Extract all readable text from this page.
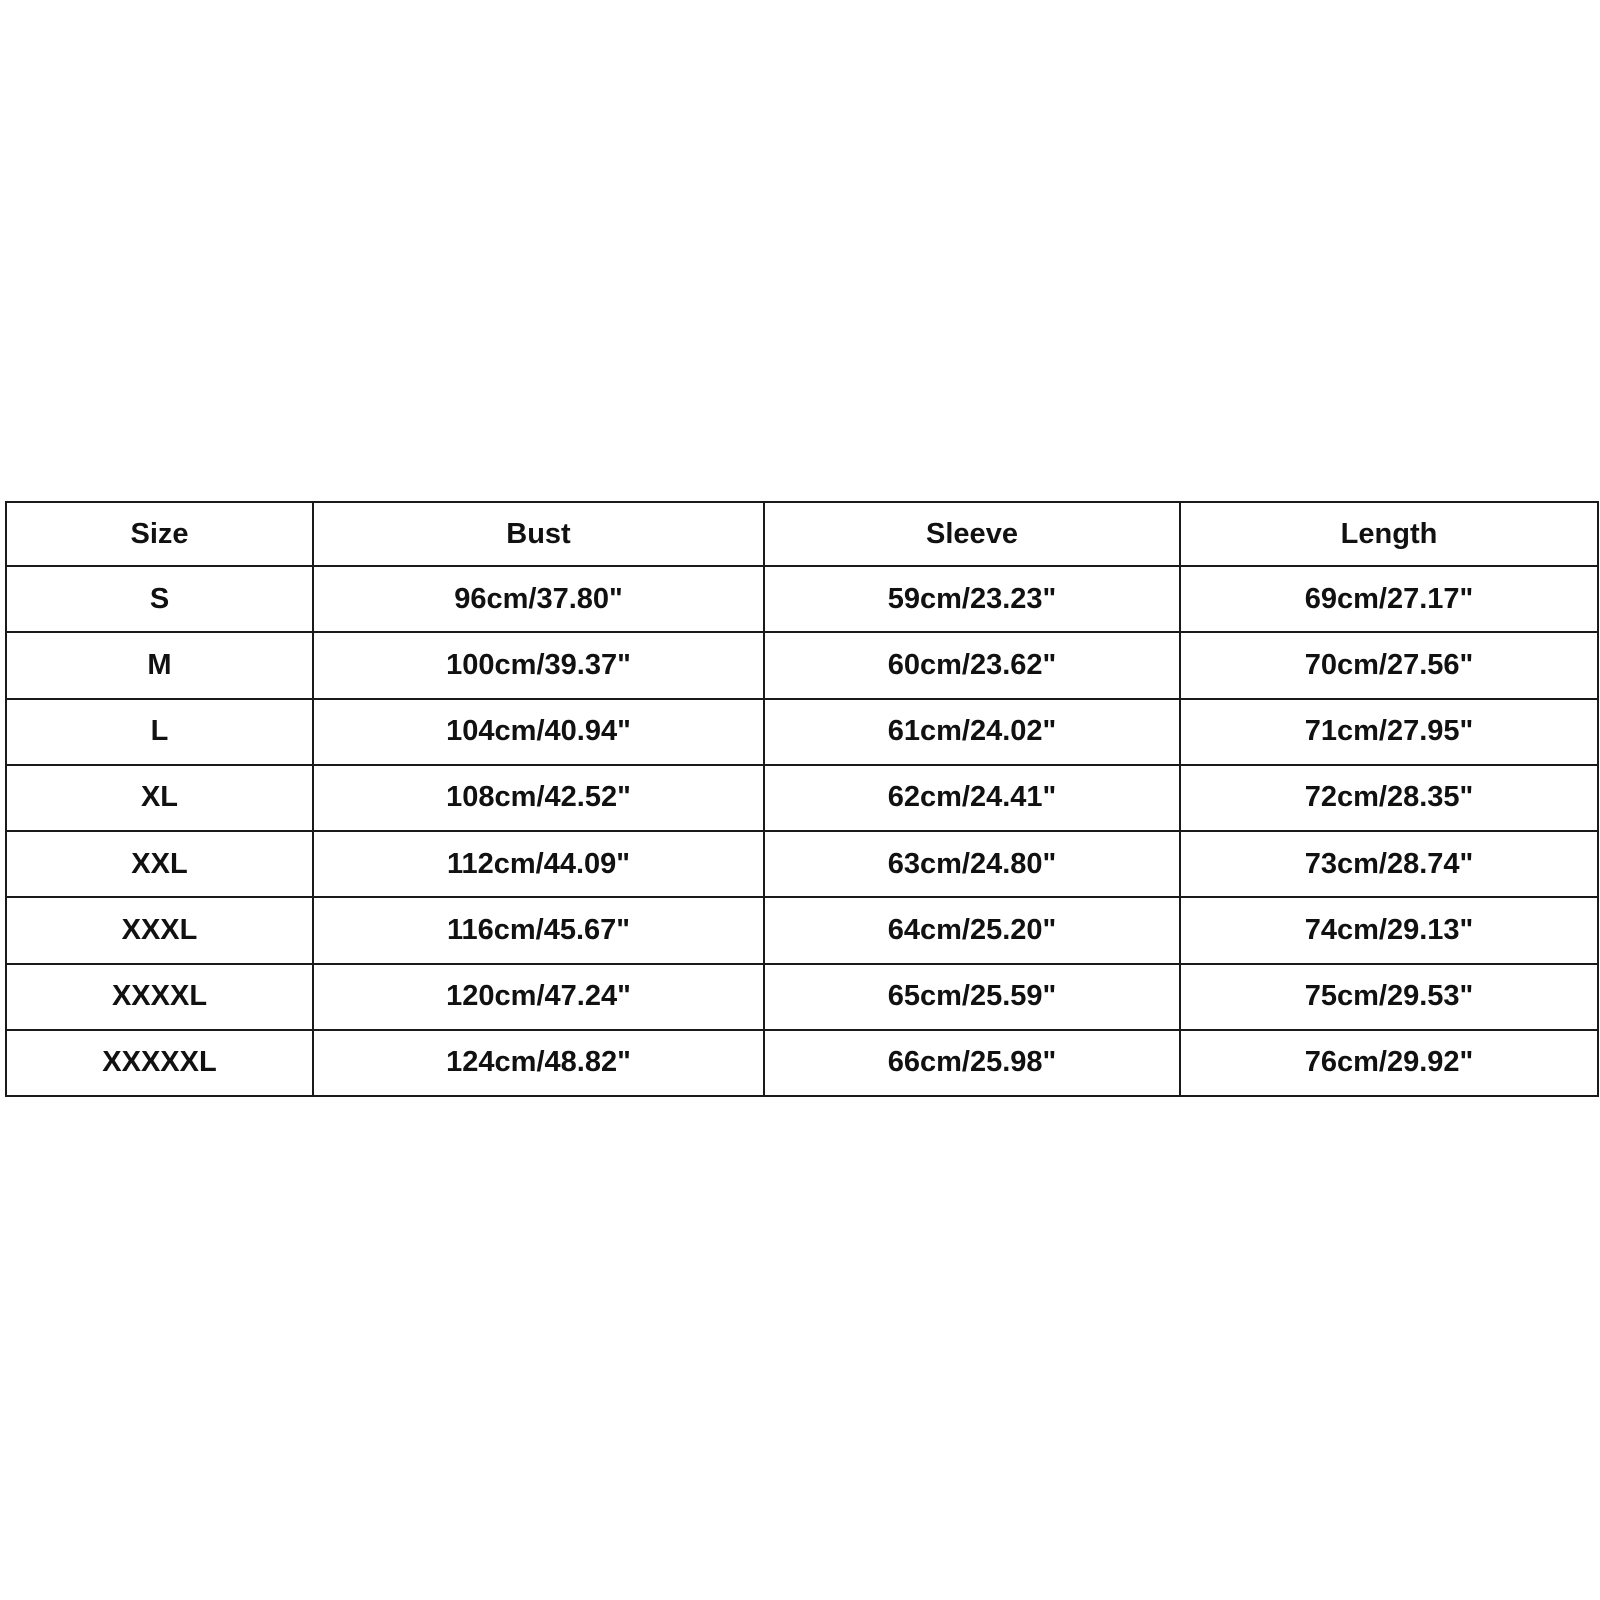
Size	Bust	Sleeve	Length
S	96cm/37.80"	59cm/23.23"	69cm/27.17"
M	100cm/39.37"	60cm/23.62"	70cm/27.56"
L	104cm/40.94"	61cm/24.02"	71cm/27.95"
XL	108cm/42.52"	62cm/24.41"	72cm/28.35"
XXL	112cm/44.09"	63cm/24.80"	73cm/28.74"
XXXL	116cm/45.67"	64cm/25.20"	74cm/29.13"
XXXXL	120cm/47.24"	65cm/25.59"	75cm/29.53"
XXXXXL	124cm/48.82"	66cm/25.98"	76cm/29.92"
